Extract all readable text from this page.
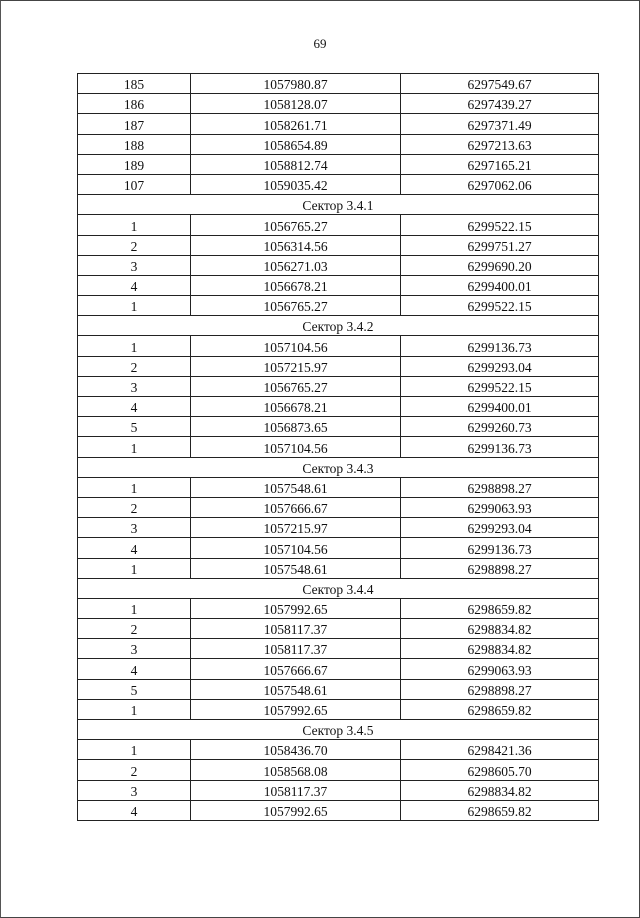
69
185	1057980.87	6297549.67
186	1058128.07	6297439.27
187	1058261.71	6297371.49
188	1058654.89	6297213.63
189	1058812.74	6297165.21
107	1059035.42	6297062.06
Сектор 3.4.1		
1	1056765.27	6299522.15
2	1056314.56	6299751.27
3	1056271.03	6299690.20
4	1056678.21	6299400.01
1	1056765.27	6299522.15
Сектор 3.4.2		
1	1057104.56	6299136.73
2	1057215.97	6299293.04
3	1056765.27	6299522.15
4	1056678.21	6299400.01
5	1056873.65	6299260.73
1	1057104.56	6299136.73
Сектор 3.4.3		
1	1057548.61	6298898.27
2	1057666.67	6299063.93
3	1057215.97	6299293.04
4	1057104.56	6299136.73
1	1057548.61	6298898.27
Сектор 3.4.4		
1	1057992.65	6298659.82
2	1058117.37	6298834.82
3	1058117.37	6298834.82
4	1057666.67	6299063.93
5	1057548.61	6298898.27
1	1057992.65	6298659.82
Сектор 3.4.5		
1	1058436.70	6298421.36
2	1058568.08	6298605.70
3	1058117.37	6298834.82
4	1057992.65	6298659.82
